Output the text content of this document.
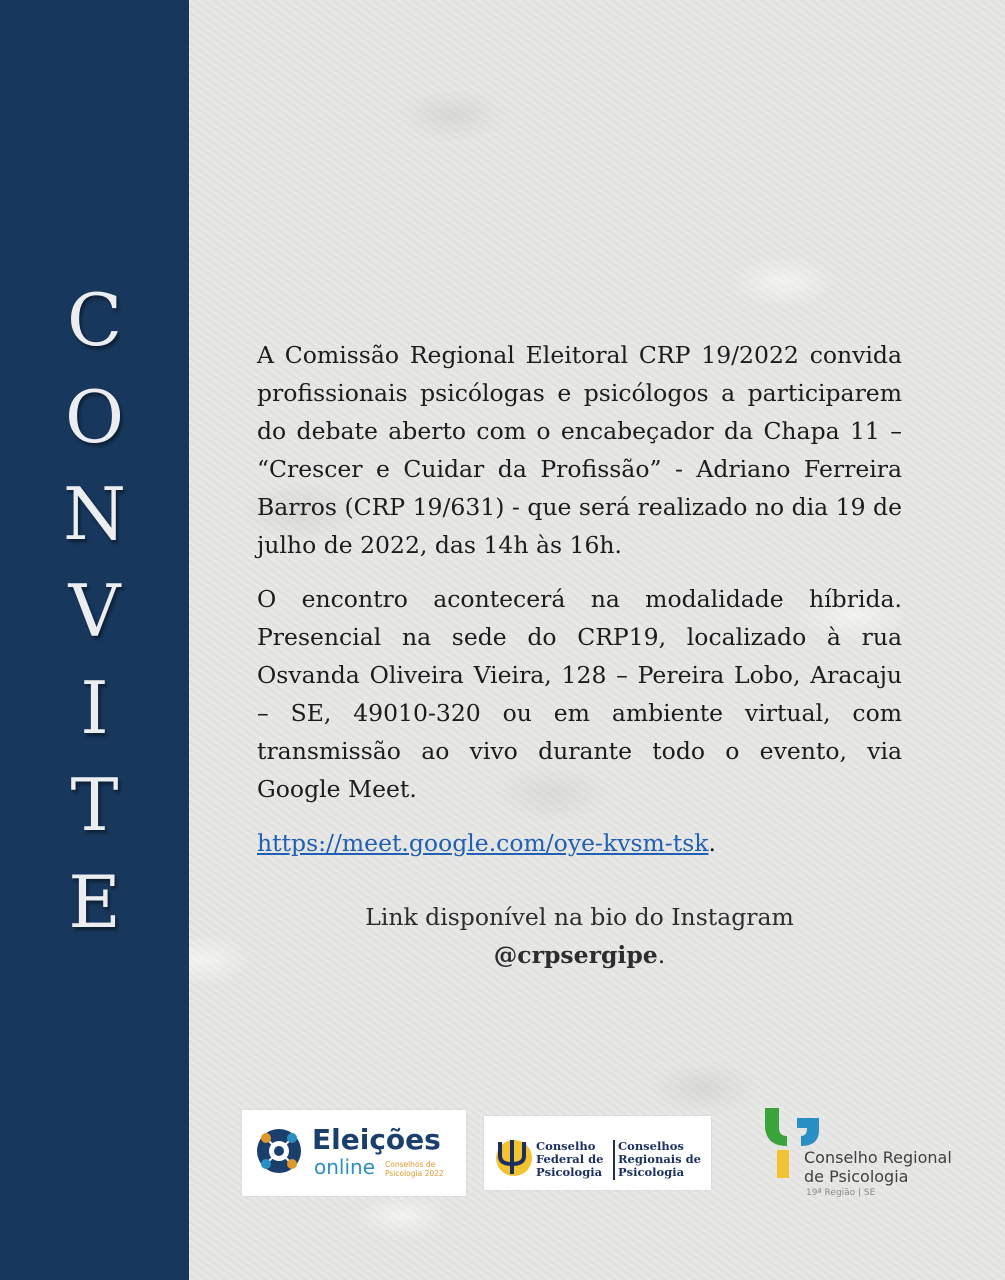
C
O
N
V
I
T
E

A Comissão Regional Eleitoral CRP 19/2022 convida profissionais psicólogas e psicólogos a participarem do debate aberto com o encabeçador da Chapa 11 – “Crescer e Cuidar da Profissão” - Adriano Ferreira Barros (CRP 19/631) - que será realizado no dia 19 de julho de 2022, das 14h às 16h.

O encontro acontecerá na modalidade híbrida. Presencial na sede do CRP19, localizado à rua Osvanda Oliveira Vieira, 128 – Pereira Lobo, Aracaju – SE, 49010-320 ou em ambiente virtual, com transmissão ao vivo durante todo o evento, via Google Meet.

https://meet.google.com/oye-kvsm-tsk.

Link disponível na bio do Instagram
@crpsergipe.
Eleições
online Conselhos de Psicologia 2022
Conselho
Federal de
Psicologia
Conselhos
Regionais de
Psicologia
Conselho Regional
de Psicologia
19ª Região | SE
